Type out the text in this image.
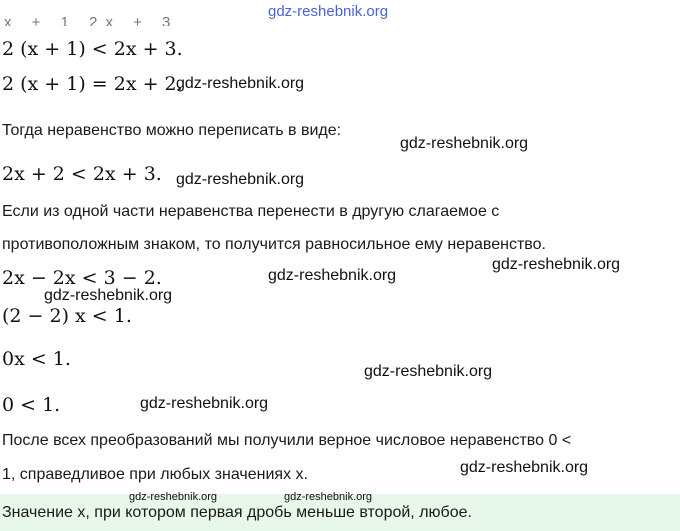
x + 1 2x + 3
gdz-reshebnik.org
2 (x + 1) < 2x + 3.
2 (x + 1) = 2x + 2.
gdz-reshebnik.org
Тогда неравенство можно переписать в виде:
gdz-reshebnik.org
2x + 2 < 2x + 3. gdz-reshebnik.org
Если из одной части неравенства перенести в другую слагаемое с
противоположным знаком, то получится равносильное ему неравенство.
2x − 2x < 3 − 2.	gdz-reshebnik.org
gdz-reshebnik.org
gdz-reshebnik.org
(2 − 2) x < 1.
0x < 1.
gdz-reshebnik.org
0 < 1.	gdz-reshebnik.org
После всех преобразований мы получили верное числовое неравенство 0 <
1, справедливое при любых значениях x.	gdz-reshebnik.org
Значение x, при котором первая дробь меньше второй, любое.
gdz-reshebnik.org	gdz-reshebnik.org
